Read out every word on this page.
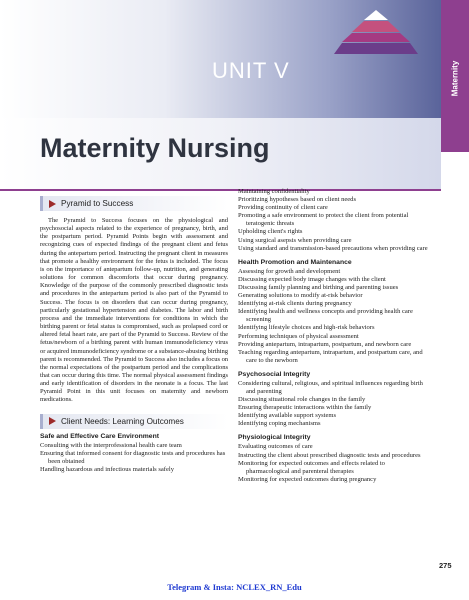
UNIT V	Maternity
Maternity Nursing
Pyramid to Success

The Pyramid to Success focuses on the physiological and psychosocial aspects related to the experience of pregnancy, birth, and the postpartum period. Pyramid Points begin with assessment and recognizing cues of expected findings of the pregnant client and fetus during the antepartum period. Instructing the pregnant client in measures that promote a healthy environment for the fetus is included. The focus is on the importance of antepartum follow-up, nutrition, and generating solutions for common discomforts that occur during pregnancy. Knowledge of the purpose of the commonly prescribed diagnostic tests and procedures in the antepartum period is also part of the Pyramid to Success. The focus is on disorders that can occur during pregnancy, particularly gestational hypertension and diabetes. The labor and birth process and the immediate interventions for conditions in which the birthing parent or fetal status is compromised, such as prolapsed cord or altered fetal heart rate, are part of the Pyramid to Success. Review of the fetus/newborn of a birthing parent with human immunodeficiency virus or acquired immunodeficiency syndrome or a substance-abusing birthing parent is recommended. The Pyramid to Success also includes a focus on the normal expectations of the postpartum period and the complications that can occur during this time. The normal physical assessment findings and early identification of disorders in the neonate is a focus. The last Pyramid Point in this unit focuses on maternity and newborn medications.

Client Needs: Learning Outcomes
Safe and Effective Care Environment
Consulting with the interprofessional health care team
Ensuring that informed consent for diagnostic tests and procedures has been obtained
Handling hazardous and infectious materials safely
Maintaining confidentiality
Prioritizing hypotheses based on client needs
Providing continuity of client care
Promoting a safe environment to protect the client from potential teratogenic threats
Upholding client's rights
Using surgical asepsis when providing care
Using standard and transmission-based precautions when providing care
Health Promotion and Maintenance
Assessing for growth and development
Discussing expected body image changes with the client
Discussing family planning and birthing and parenting issues
Generating solutions to modify at-risk behavior
Identifying at-risk clients during pregnancy
Identifying health and wellness concepts and providing health care screening
Identifying lifestyle choices and high-risk behaviors
Performing techniques of physical assessment
Providing antepartum, intrapartum, postpartum, and newborn care
Teaching regarding antepartum, intrapartum, and postpartum care, and care to the newborn
Psychosocial Integrity
Considering cultural, religious, and spiritual influences regarding birth and parenting
Discussing situational role changes in the family
Ensuring therapeutic interactions within the family
Identifying available support systems
Identifying coping mechanisms
Physiological Integrity
Evaluating outcomes of care
Instructing the client about prescribed diagnostic tests and procedures
Monitoring for expected outcomes and effects related to pharmacological and parenteral therapies
Monitoring for expected outcomes during pregnancy
275
Telegram & Insta: NCLEX_RN_Edu
